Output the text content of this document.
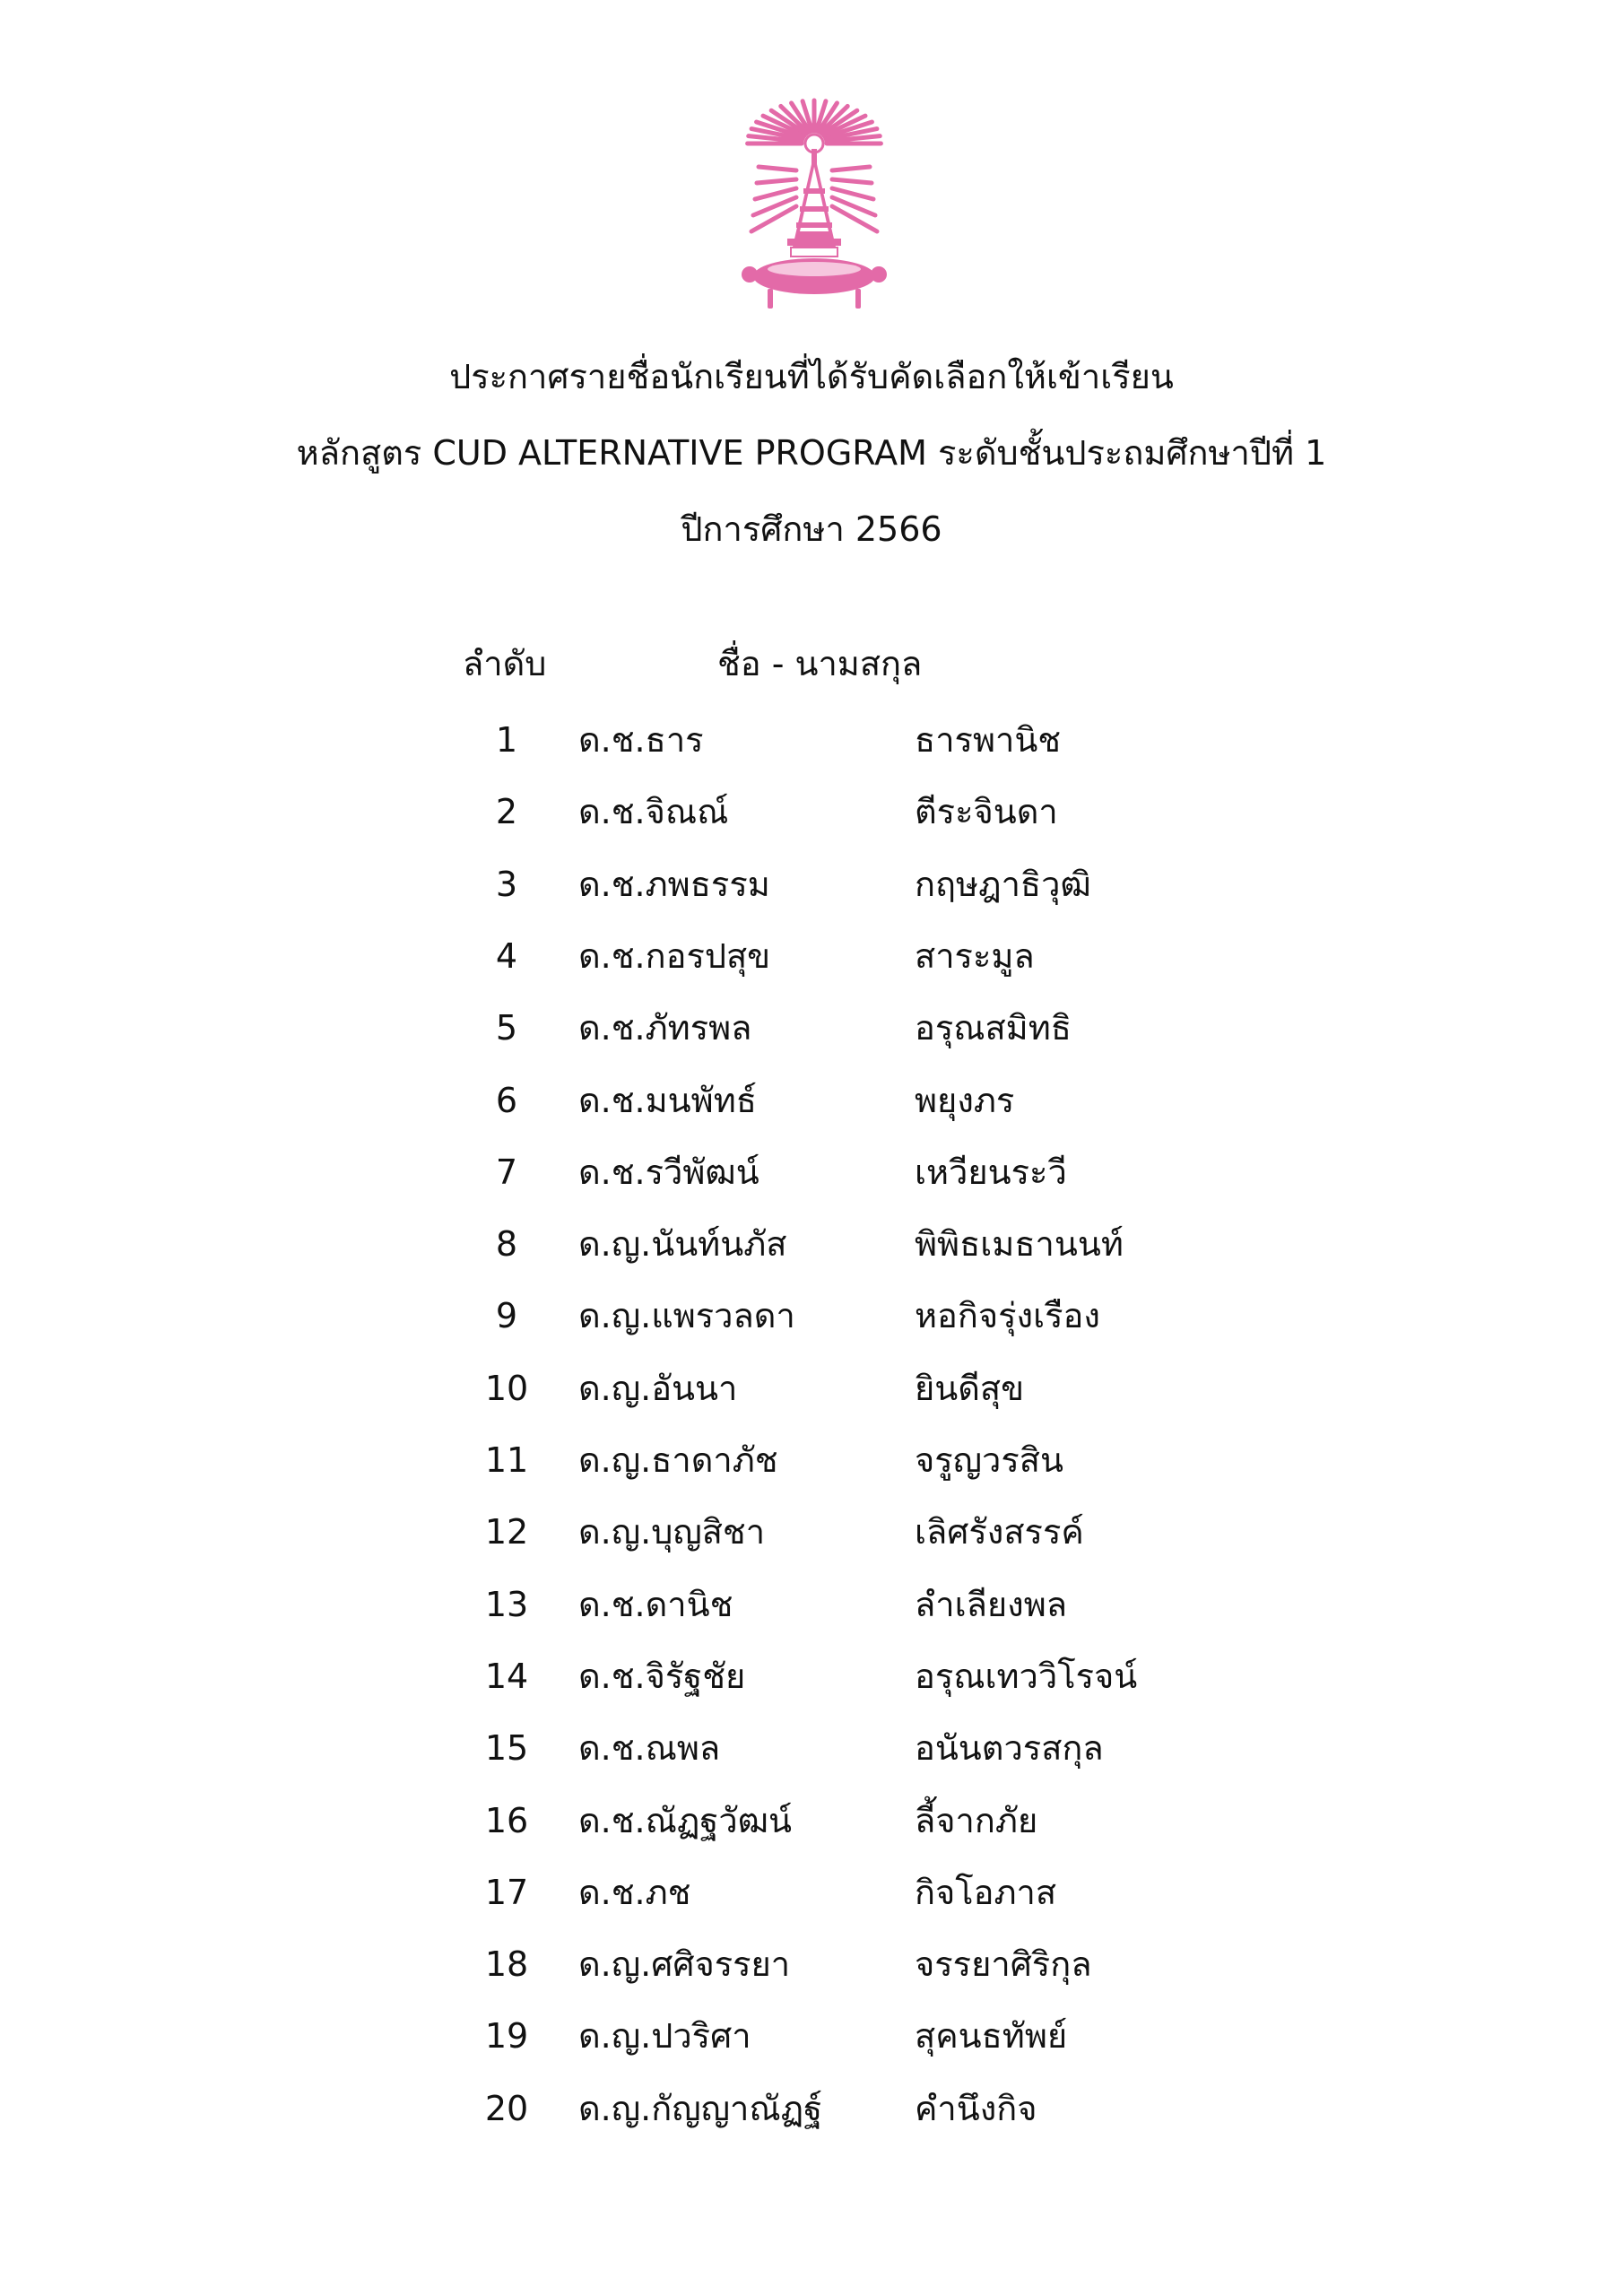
ประกาศรายชื่อนักเรียนที่ได้รับคัดเลือกให้เข้าเรียน
หลักสูตร CUD ALTERNATIVE PROGRAM ระดับชั้นประถมศึกษาปีที่ 1
ปีการศึกษา 2566
ลำดับ	ชื่อ - นามสกุล
1	ด.ช.ธาร	ธารพานิช
2	ด.ช.จิณณ์	ตีระจินดา
3	ด.ช.ภพธรรม	กฤษฎาธิวุฒิ
4	ด.ช.กอรปสุข	สาระมูล
5	ด.ช.ภัทรพล	อรุณสมิทธิ
6	ด.ช.มนพัทธ์	พยุงภร
7	ด.ช.รวีพัฒน์	เหวียนระวี
8	ด.ญ.นันท์นภัส	พิพิธเมธานนท์
9	ด.ญ.แพรวลดา	หอกิจรุ่งเรือง
10	ด.ญ.อันนา	ยินดีสุข
11	ด.ญ.ธาดาภัช	จรูญวรสิน
12	ด.ญ.บุญสิชา	เลิศรังสรรค์
13	ด.ช.ดานิช	ลำเลียงพล
14	ด.ช.จิรัฐชัย	อรุณเทววิโรจน์
15	ด.ช.ณพล	อนันตวรสกุล
16	ด.ช.ณัฏฐวัฒน์	ลี้จากภัย
17	ด.ช.ภช	กิจโอภาส
18	ด.ญ.ศศิจรรยา	จรรยาศิริกุล
19	ด.ญ.ปวริศา	สุคนธทัพย์
20	ด.ญ.กัญญาณัฏฐ์	คำนึงกิจ
